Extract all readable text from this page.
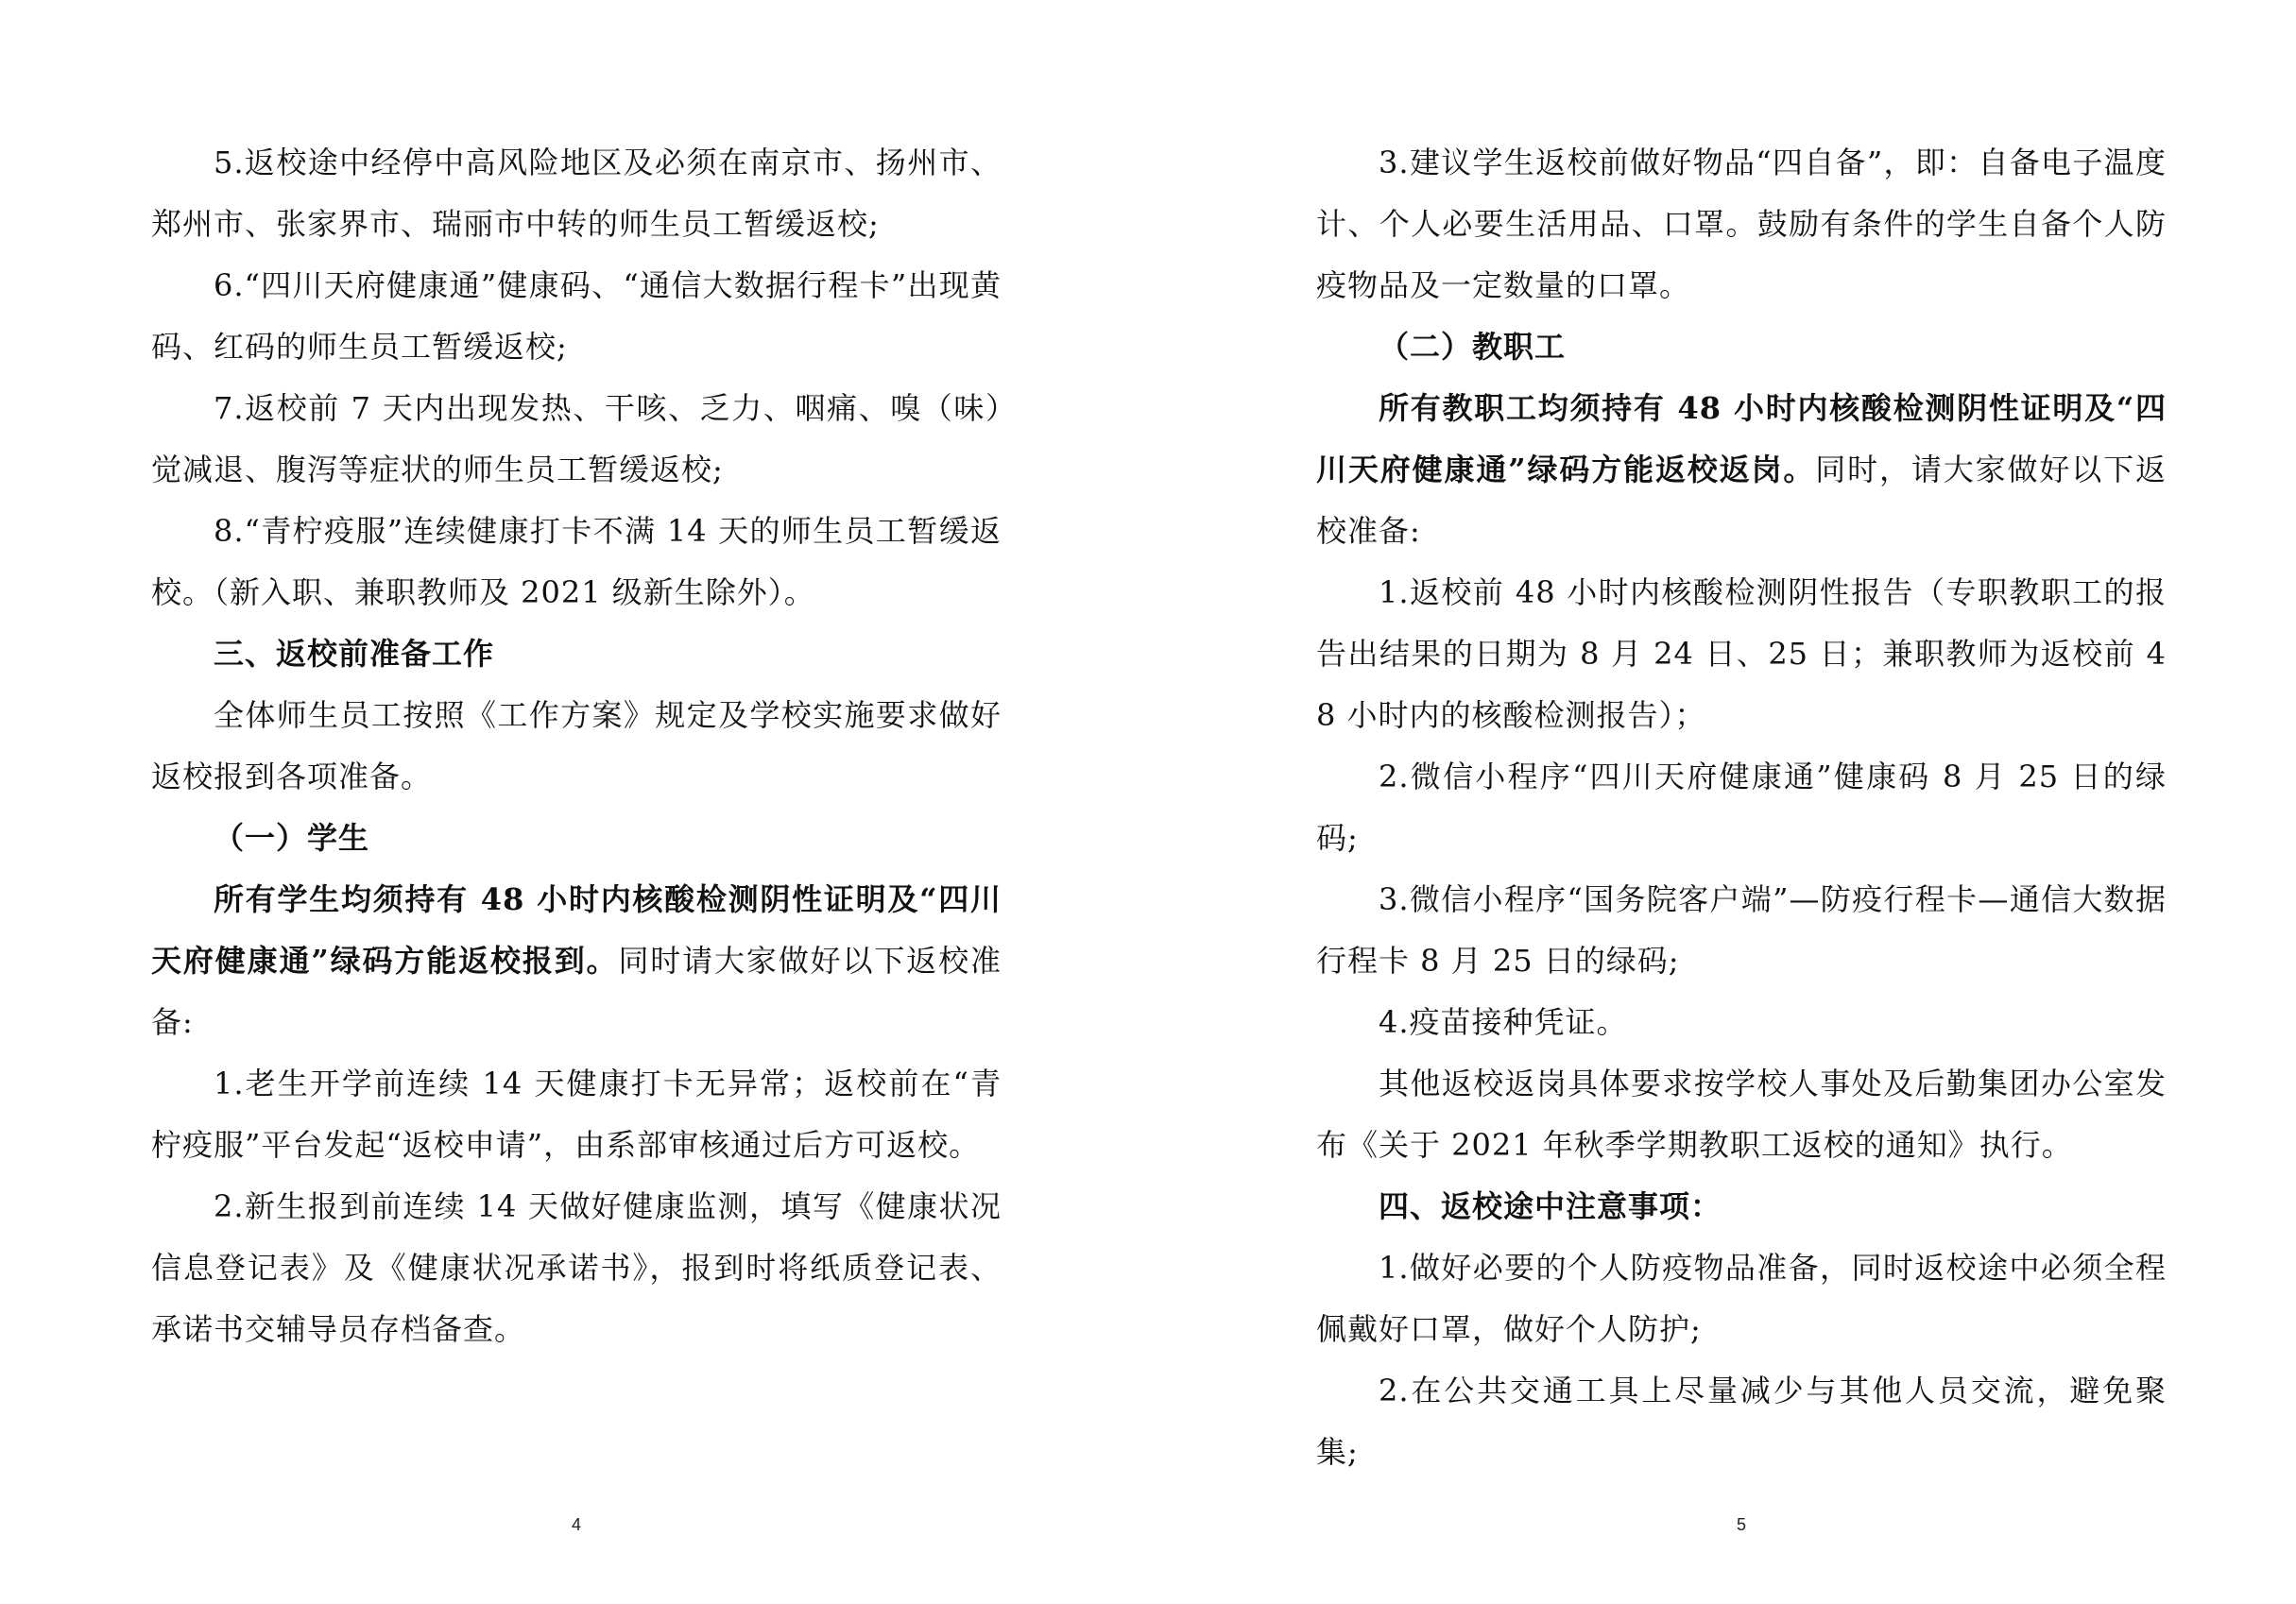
5.返校途中经停中高风险地区及必须在南京市、扬州市、郑州市、张家界市、瑞丽市中转的师生员工暂缓返校;

6.“四川天府健康通”健康码、“通信大数据行程卡”出现黄码、红码的师生员工暂缓返校;

7.返校前 7 天内出现发热、干咳、乏力、咽痛、嗅（味）觉减退、腹泻等症状的师生员工暂缓返校;

8.“青柠疫服”连续健康打卡不满 14 天的师生员工暂缓返校。（新入职、兼职教师及 2021 级新生除外）。

三、返校前准备工作

全体师生员工按照《工作方案》规定及学校实施要求做好返校报到各项准备。

（一）学生

所有学生均须持有 48 小时内核酸检测阴性证明及“四川天府健康通”绿码方能返校报到。同时请大家做好以下返校准备:

1.老生开学前连续 14 天健康打卡无异常；返校前在“青柠疫服”平台发起“返校申请”，由系部审核通过后方可返校。

2.新生报到前连续 14 天做好健康监测，填写《健康状况信息登记表》及《健康状况承诺书》，报到时将纸质登记表、承诺书交辅导员存档备查。

4

3.建议学生返校前做好物品“四自备”，即：自备电子温度计、个人必要生活用品、口罩。鼓励有条件的学生自备个人防疫物品及一定数量的口罩。

（二）教职工

所有教职工均须持有 48 小时内核酸检测阴性证明及“四川天府健康通”绿码方能返校返岗。同时，请大家做好以下返校准备:

1.返校前 48 小时内核酸检测阴性报告（专职教职工的报告出结果的日期为 8 月 24 日、25 日；兼职教师为返校前 48 小时内的核酸检测报告）；

2.微信小程序“四川天府健康通”健康码 8 月 25 日的绿码;

3.微信小程序“国务院客户端”—防疫行程卡—通信大数据行程卡 8 月 25 日的绿码;

4.疫苗接种凭证。

其他返校返岗具体要求按学校人事处及后勤集团办公室发布《关于 2021 年秋季学期教职工返校的通知》执行。

四、返校途中注意事项：

1.做好必要的个人防疫物品准备，同时返校途中必须全程佩戴好口罩，做好个人防护;

2.在公共交通工具上尽量减少与其他人员交流，避免聚集;

5
